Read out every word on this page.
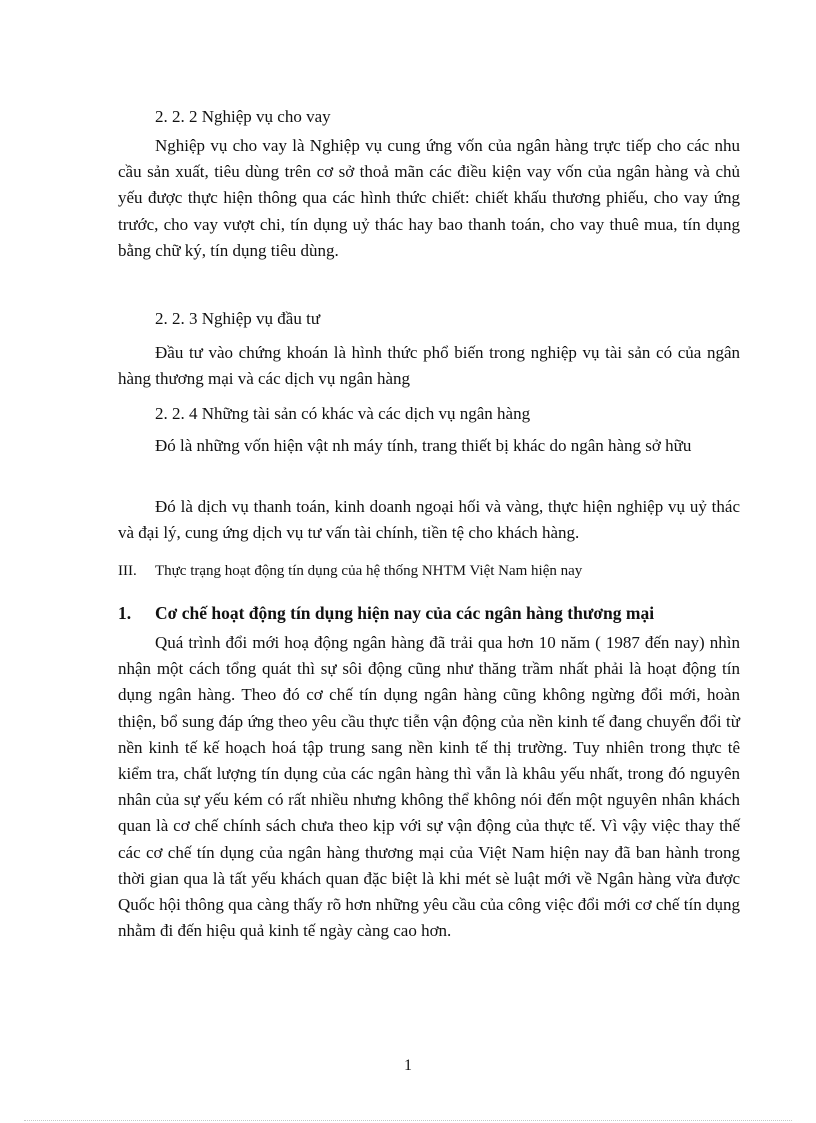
2. 2. 2 Nghiệp vụ cho vay

Nghiệp vụ cho vay là Nghiệp vụ cung ứng vốn của ngân hàng trực tiếp cho các nhu cầu sản xuất, tiêu dùng trên cơ sở thoả mãn các điều kiện vay vốn của ngân hàng và chủ yếu được thực hiện thông qua các hình thức chiết: chiết khấu thương phiếu, cho vay ứng trước, cho vay vượt chi, tín dụng uỷ thác hay bao thanh toán, cho vay thuê mua, tín dụng bằng chữ ký, tín dụng tiêu dùng.

2. 2. 3 Nghiệp vụ đầu tư

Đầu tư vào chứng khoán là hình thức phổ biến trong nghiệp vụ tài sản có của ngân hàng thương mại và các dịch vụ ngân hàng

2. 2. 4 Những tài sản có khác và các dịch vụ ngân hàng

Đó là những vốn hiện vật nh máy tính, trang thiết bị khác do ngân hàng sở hữu

Đó là dịch vụ thanh toán, kinh doanh ngoại hối và vàng, thực hiện nghiệp vụ uỷ thác và đại lý, cung ứng dịch vụ tư vấn tài chính, tiền tệ cho khách hàng.

III. Thực trạng hoạt động tín dụng của hệ thống NHTM Việt Nam hiện nay
1. Cơ chế hoạt động tín dụng hiện nay của các ngân hàng thương mại

Quá trình đổi mới hoạ động ngân hàng đã trải qua hơn 10 năm ( 1987 đến nay) nhìn nhận một cách tổng quát thì sự sôi động cũng như thăng trầm nhất phải là hoạt động tín dụng ngân hàng. Theo đó cơ chế tín dụng ngân hàng cũng không ngừng đổi mới, hoàn thiện, bổ sung đáp ứng theo yêu cầu thực tiễn vận động của nền kinh tế đang chuyển đổi từ nền kinh tế kế hoạch hoá tập trung sang nền kinh tế thị trường. Tuy nhiên trong thực tê kiểm tra, chất lượng tín dụng của các ngân hàng thì vẫn là khâu yếu nhất, trong đó nguyên nhân của sự yếu kém có rất nhiều nhưng không thể không nói đến một nguyên nhân khách quan là cơ chế chính sách chưa theo kịp với sự vận động của thực tế. Vì vậy việc thay thế các cơ chế tín dụng của ngân hàng thương mại của Việt Nam hiện nay đã ban hành trong thời gian qua là tất yếu khách quan đặc biệt là khi mét sè luật mới về Ngân hàng vừa được Quốc hội thông qua càng thấy rõ hơn những yêu cầu của công việc đổi mới cơ chế tín dụng nhằm đi đến hiệu quả kinh tế ngày càng cao hơn.

1
